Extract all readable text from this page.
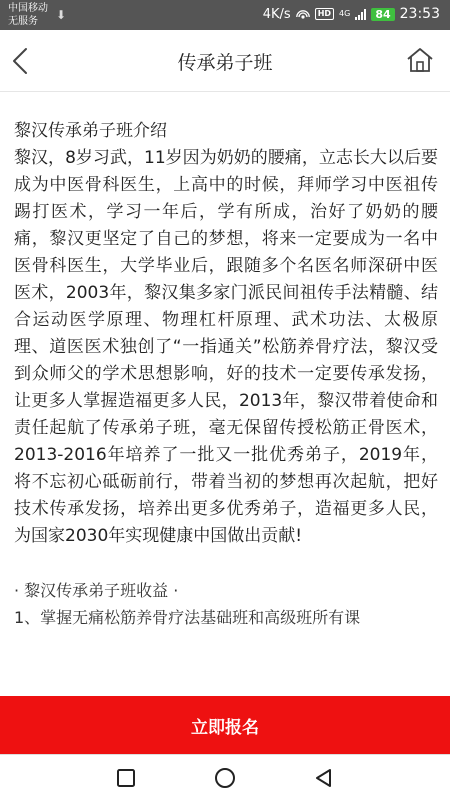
中国移动
无服务	⬇	4K/s	HD	4G	84 23:53
传承弟子班
黎汉传承弟子班介绍
黎汉，8岁习武，11岁因为奶奶的腰痛，立志长大以后要成为中医骨科医生，上高中的时候，拜师学习中医祖传踢打医术，学习一年后，学有所成，治好了奶奶的腰痛，黎汉更坚定了自己的梦想，将来一定要成为一名中医骨科医生，大学毕业后，跟随多个名医名师深研中医医术，2003年，黎汉集多家门派民间祖传手法精髓、结合运动医学原理、物理杠杆原理、武术功法、太极原理、道医医术独创了“一指通关”松筋养骨疗法，黎汉受到众师父的学术思想影响，好的技术一定要传承发扬，让更多人掌握造福更多人民，2013年，黎汉带着使命和责任起航了传承弟子班，毫无保留传授松筋正骨医术，2013-2016年培养了一批又一批优秀弟子，2019年，将不忘初心砥砺前行，带着当初的梦想再次起航，把好技术传承发扬，培养出更多优秀弟子，造福更多人民，为国家2030年实现健康中国做出贡献!
· 黎汉传承弟子班收益 ·
1、掌握无痛松筋养骨疗法基础班和高级班所有课
立即报名
